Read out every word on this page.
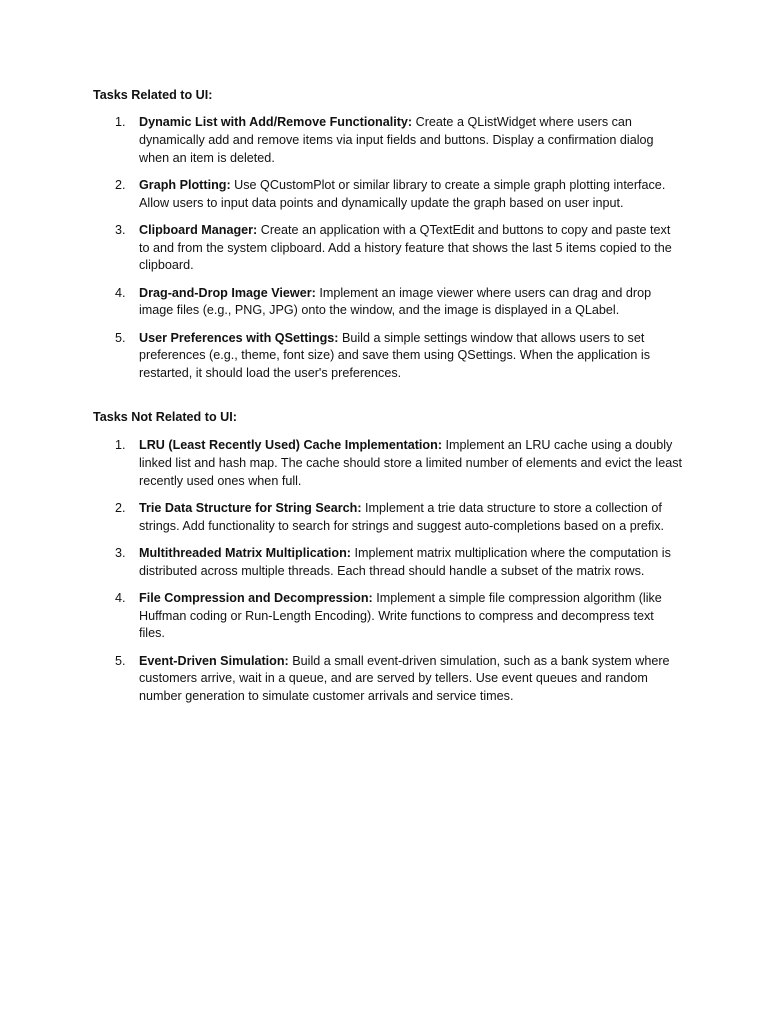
Tasks Related to UI:

1. Dynamic List with Add/Remove Functionality: Create a QListWidget where users can dynamically add and remove items via input fields and buttons. Display a confirmation dialog when an item is deleted.
2. Graph Plotting: Use QCustomPlot or similar library to create a simple graph plotting interface. Allow users to input data points and dynamically update the graph based on user input.
3. Clipboard Manager: Create an application with a QTextEdit and buttons to copy and paste text to and from the system clipboard. Add a history feature that shows the last 5 items copied to the clipboard.
4. Drag-and-Drop Image Viewer: Implement an image viewer where users can drag and drop image files (e.g., PNG, JPG) onto the window, and the image is displayed in a QLabel.
5. User Preferences with QSettings: Build a simple settings window that allows users to set preferences (e.g., theme, font size) and save them using QSettings. When the application is restarted, it should load the user's preferences.

Tasks Not Related to UI:

1. LRU (Least Recently Used) Cache Implementation: Implement an LRU cache using a doubly linked list and hash map. The cache should store a limited number of elements and evict the least recently used ones when full.
2. Trie Data Structure for String Search: Implement a trie data structure to store a collection of strings. Add functionality to search for strings and suggest auto-completions based on a prefix.
3. Multithreaded Matrix Multiplication: Implement matrix multiplication where the computation is distributed across multiple threads. Each thread should handle a subset of the matrix rows.
4. File Compression and Decompression: Implement a simple file compression algorithm (like Huffman coding or Run-Length Encoding). Write functions to compress and decompress text files.
5. Event-Driven Simulation: Build a small event-driven simulation, such as a bank system where customers arrive, wait in a queue, and are served by tellers. Use event queues and random number generation to simulate customer arrivals and service times.
